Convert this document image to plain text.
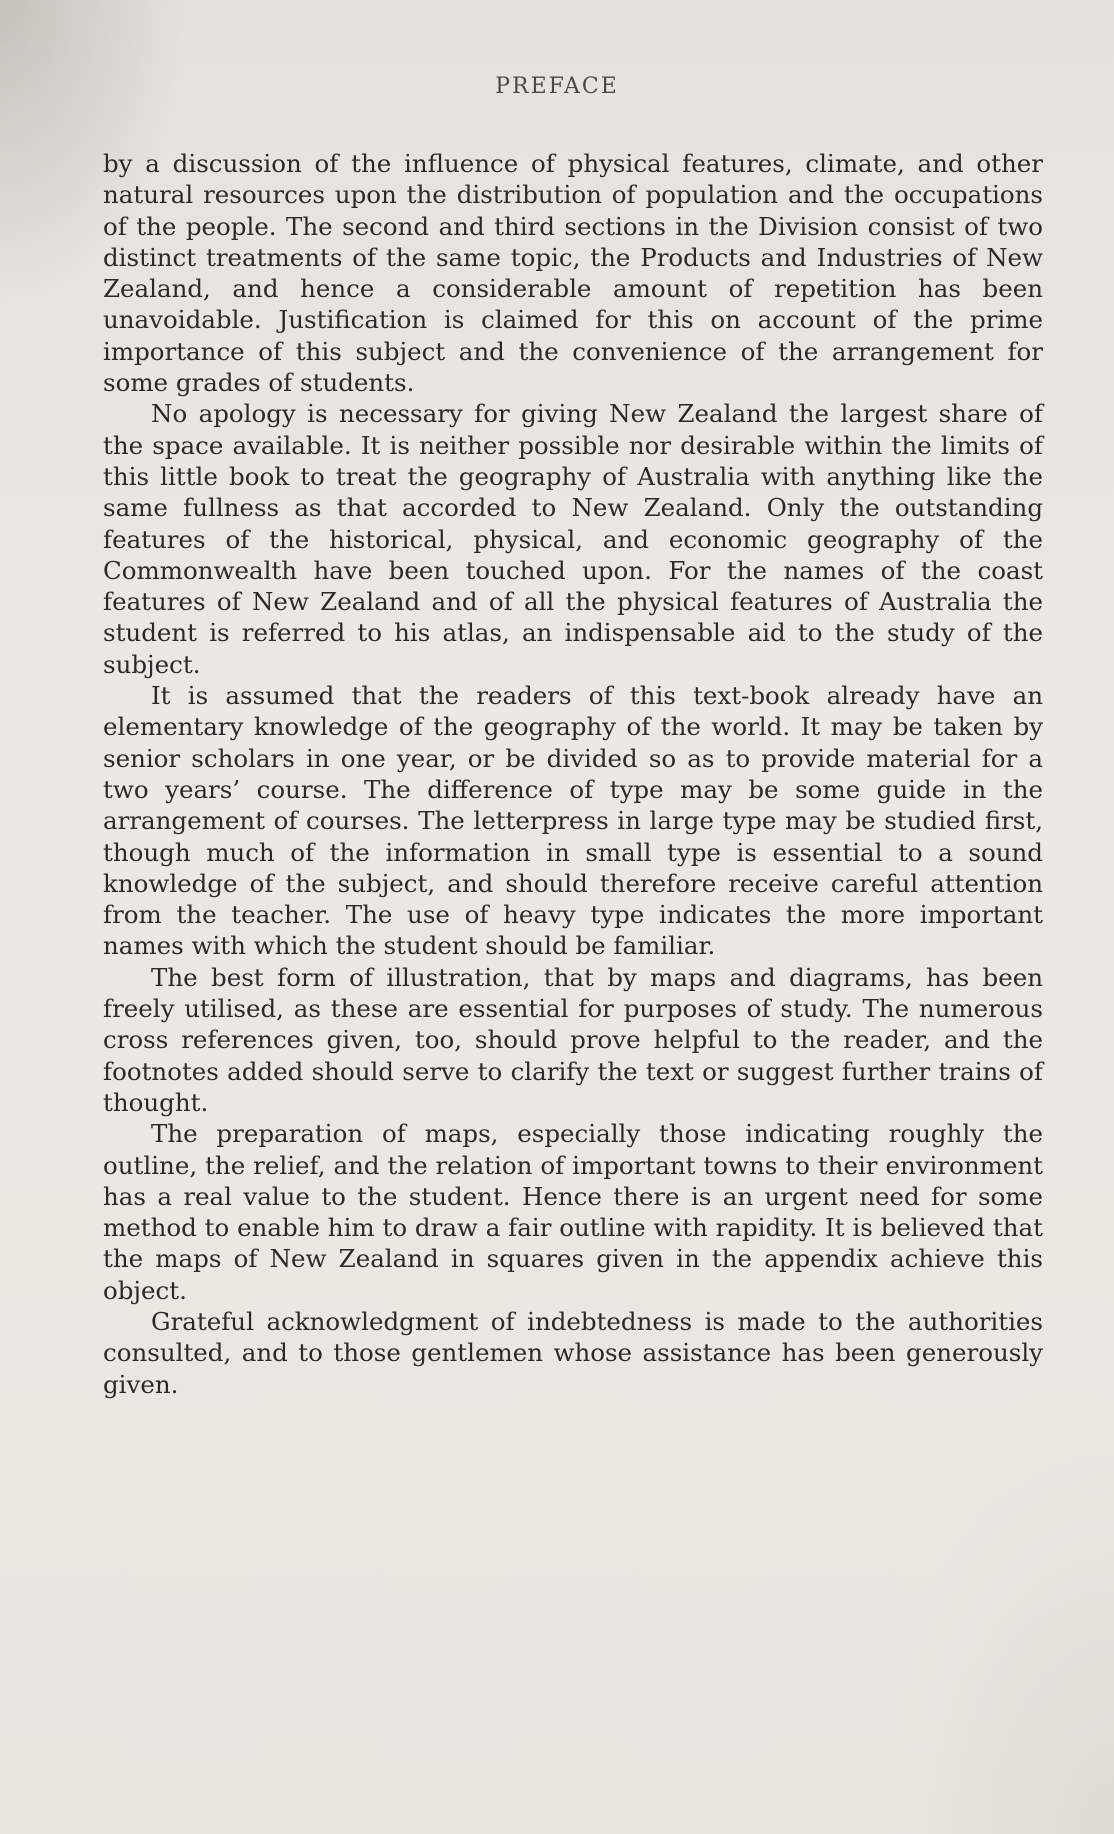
PREFACE

by a discussion of the influence of physical features, climate, and other natural resources upon the distribution of population and the occupations of the people. The second and third sections in the Division consist of two distinct treatments of the same topic, the Products and Industries of New Zealand, and hence a considerable amount of repetition has been unavoidable. Justification is claimed for this on account of the prime importance of this subject and the convenience of the arrangement for some grades of students.

No apology is necessary for giving New Zealand the largest share of the space available. It is neither possible nor desirable within the limits of this little book to treat the geography of Australia with anything like the same fullness as that accorded to New Zealand. Only the outstanding features of the historical, physical, and economic geography of the Commonwealth have been touched upon. For the names of the coast features of New Zealand and of all the physical features of Australia the student is referred to his atlas, an indispensable aid to the study of the subject.

It is assumed that the readers of this text-book already have an elementary knowledge of the geography of the world. It may be taken by senior scholars in one year, or be divided so as to provide material for a two years’ course. The difference of type may be some guide in the arrangement of courses. The letterpress in large type may be studied first, though much of the information in small type is essential to a sound knowledge of the subject, and should therefore receive careful attention from the teacher. The use of heavy type indicates the more important names with which the student should be familiar.

The best form of illustration, that by maps and diagrams, has been freely utilised, as these are essential for purposes of study. The numerous cross references given, too, should prove helpful to the reader, and the footnotes added should serve to clarify the text or suggest further trains of thought.

The preparation of maps, especially those indicating roughly the outline, the relief, and the relation of important towns to their environment has a real value to the student. Hence there is an urgent need for some method to enable him to draw a fair outline with rapidity. It is believed that the maps of New Zealand in squares given in the appendix achieve this object.

Grateful acknowledgment of indebtedness is made to the authorities consulted, and to those gentlemen whose assistance has been generously given.
